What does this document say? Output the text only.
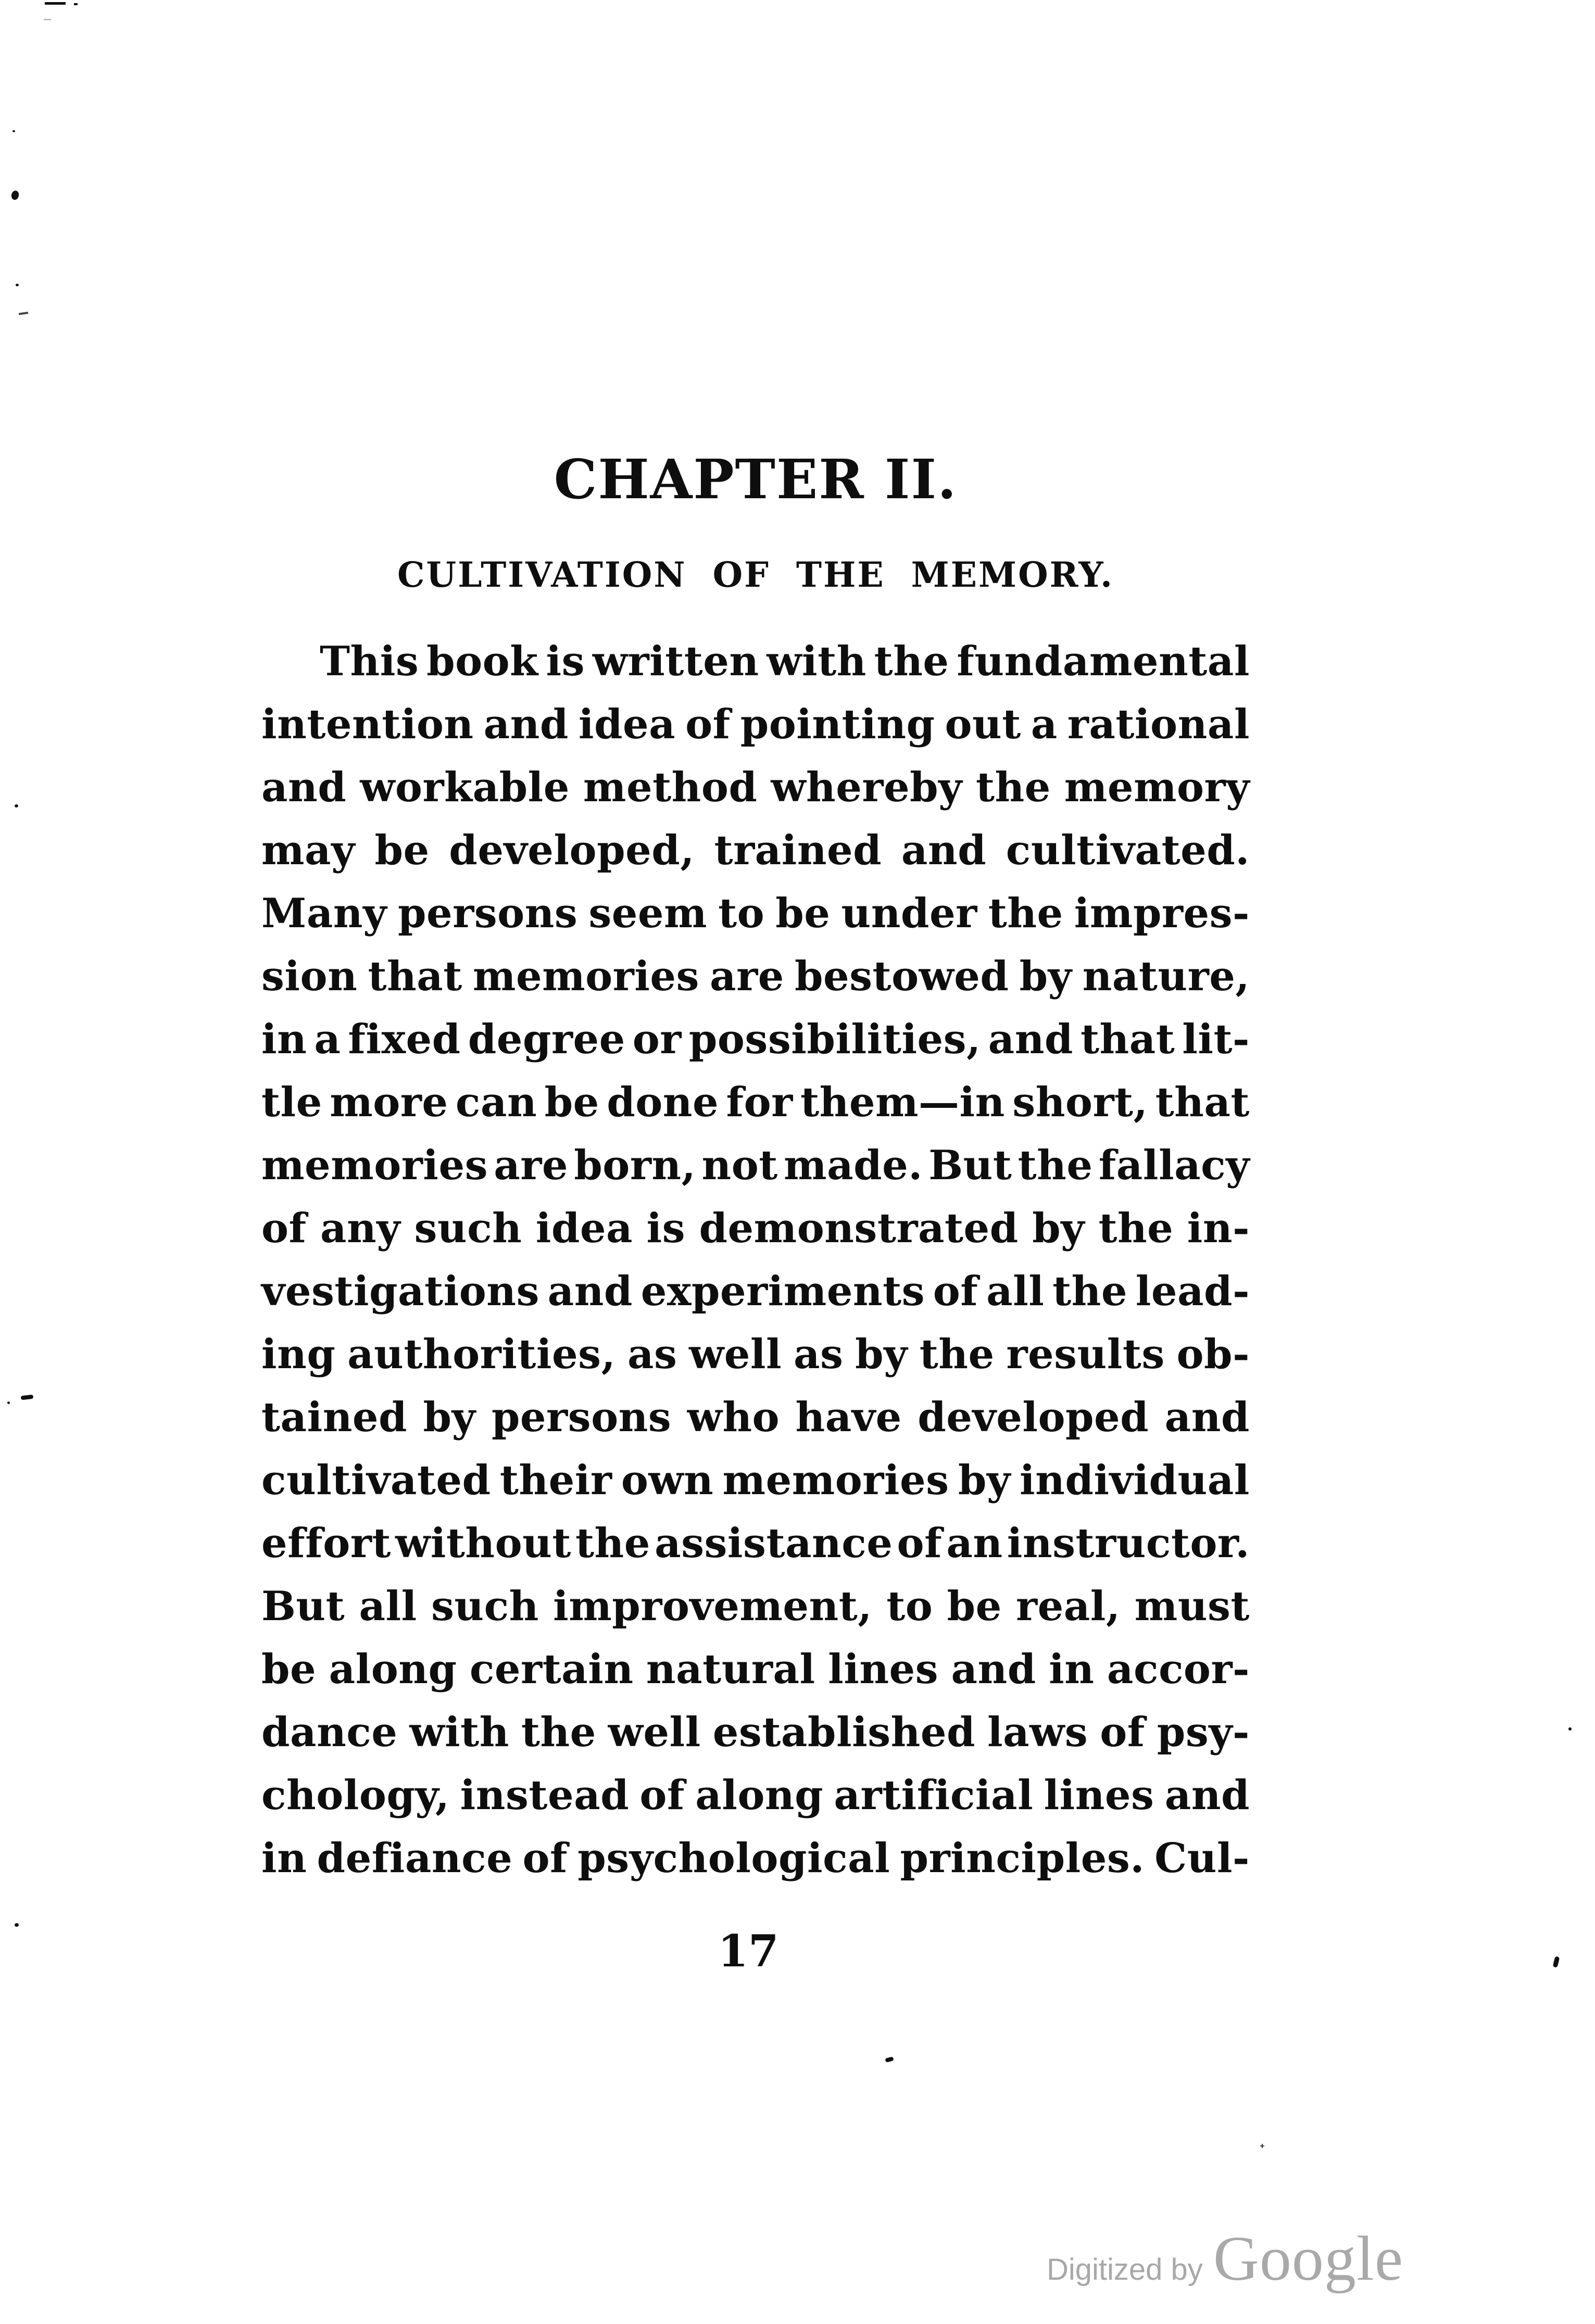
CHAPTER II.
CULTIVATION OF THE MEMORY.
This book is written with the fundamental
intention and idea of pointing out a rational
and workable method whereby the memory
may be developed, trained and cultivated.
Many persons seem to be under the impres-
sion that memories are bestowed by nature,
in a fixed degree or possibilities, and that lit-
tle more can be done for them—in short, that
memories are born, not made. But the fallacy
of any such idea is demonstrated by the in-
vestigations and experiments of all the lead-
ing authorities, as well as by the results ob-
tained by persons who have developed and
cultivated their own memories by individual
effort without the assistance of an instructor.
But all such improvement, to be real, must
be along certain natural lines and in accor-
dance with the well established laws of psy-
chology, instead of along artificial lines and
in defiance of psychological principles. Cul-
17
Digitized by Google
